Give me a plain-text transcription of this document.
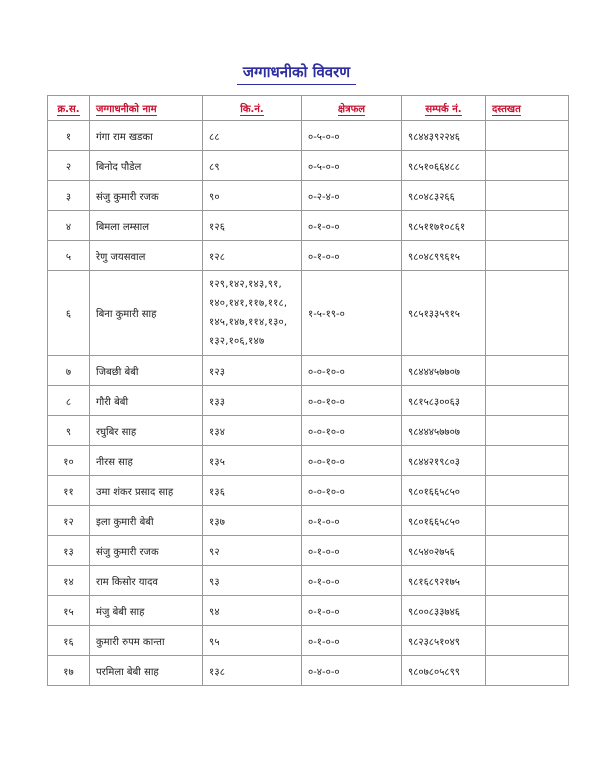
जग्गाधनीको विवरण
क्र.स.	जग्गाधनीको नाम	कि.नं.	क्षेत्रफल	सम्पर्क नं.	दस्तखत
१	गंगा राम खडका	८८	०-५-०-०	९८४४३९२२४६	
२	बिनोद पौडेल	८९	०-५-०-०	९८५१०६६४८८	
३	संजु कुमारी रजक	९०	०-२-४-०	९८०४८३२६६	
४	बिमला लम्साल	१२६	०-१-०-०	९८५११७१०८६१	
५	रेणु जयसवाल	१२८	०-१-०-०	९८०४८९९६१५	
६	बिना कुमारी साह	१२९,१४२,१४३,९१,
१४०,१४१,११७,११८,
१४५,१४७,११४,१३०,
१३२,१०६,१४७	१-५-१९-०	९८५१३३५९१५	
७	जिबछी बेबी	१२३	०-०-१०-०	९८४४४५७७०७	
८	गौरी बेबी	१३३	०-०-१०-०	९८१५८३००६३	
९	रघुबिर साह	१३४	०-०-१०-०	९८४४४५७७०७	
१०	नीरस साह	१३५	०-०-१०-०	९८४४२१९८०३	
११	उमा शंकर प्रसाद साह	१३६	०-०-१०-०	९८०१६६५८५०	
१२	इला कुमारी बेबी	१३७	०-१-०-०	९८०१६६५८५०	
१३	संजु कुमारी रजक	९२	०-१-०-०	९८५४०२७५६	
१४	राम किसोर यादव	९३	०-१-०-०	९८१६८९२१७५	
१५	मंजु बेबी साह	९४	०-१-०-०	९८००८३३७४६	
१६	कुमारी रुपम कान्ता	९५	०-१-०-०	९८२३८५१०४९	
१७	परमिला बेबी साह	१३८	०-४-०-०	९८०७८०५८९९	
